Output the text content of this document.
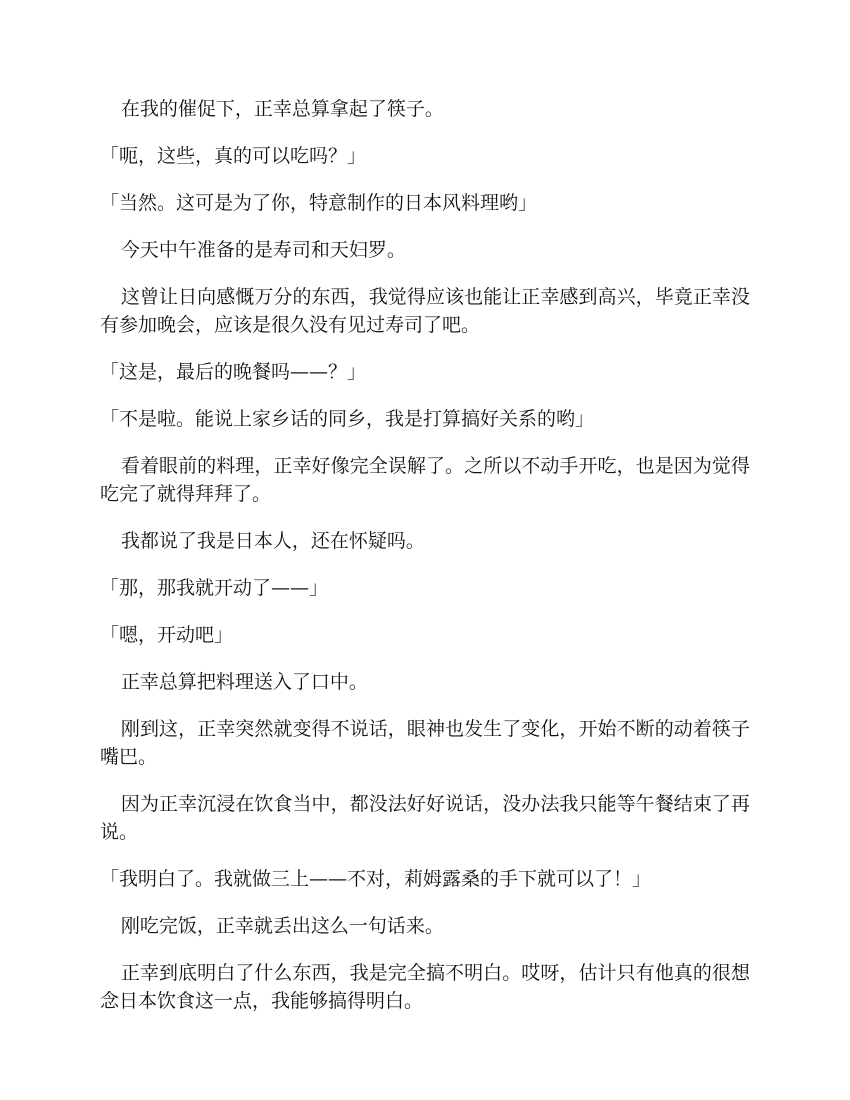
在我的催促下，正幸总算拿起了筷子。

「呃，这些，真的可以吃吗？」

「当然。这可是为了你，特意制作的日本风料理哟」

今天中午准备的是寿司和天妇罗。

这曾让日向感慨万分的东西，我觉得应该也能让正幸感到高兴，毕竟正幸没有参加晚会，应该是很久没有见过寿司了吧。

「这是，最后的晚餐吗——？」

「不是啦。能说上家乡话的同乡，我是打算搞好关系的哟」

看着眼前的料理，正幸好像完全误解了。之所以不动手开吃，也是因为觉得吃完了就得拜拜了。

我都说了我是日本人，还在怀疑吗。

「那，那我就开动了——」

「嗯，开动吧」

正幸总算把料理送入了口中。

刚到这，正幸突然就变得不说话，眼神也发生了变化，开始不断的动着筷子嘴巴。

因为正幸沉浸在饮食当中，都没法好好说话，没办法我只能等午餐结束了再说。

「我明白了。我就做三上——不对，莉姆露桑的手下就可以了！」

刚吃完饭，正幸就丢出这么一句话来。

正幸到底明白了什么东西，我是完全搞不明白。哎呀，估计只有他真的很想念日本饮食这一点，我能够搞得明白。
